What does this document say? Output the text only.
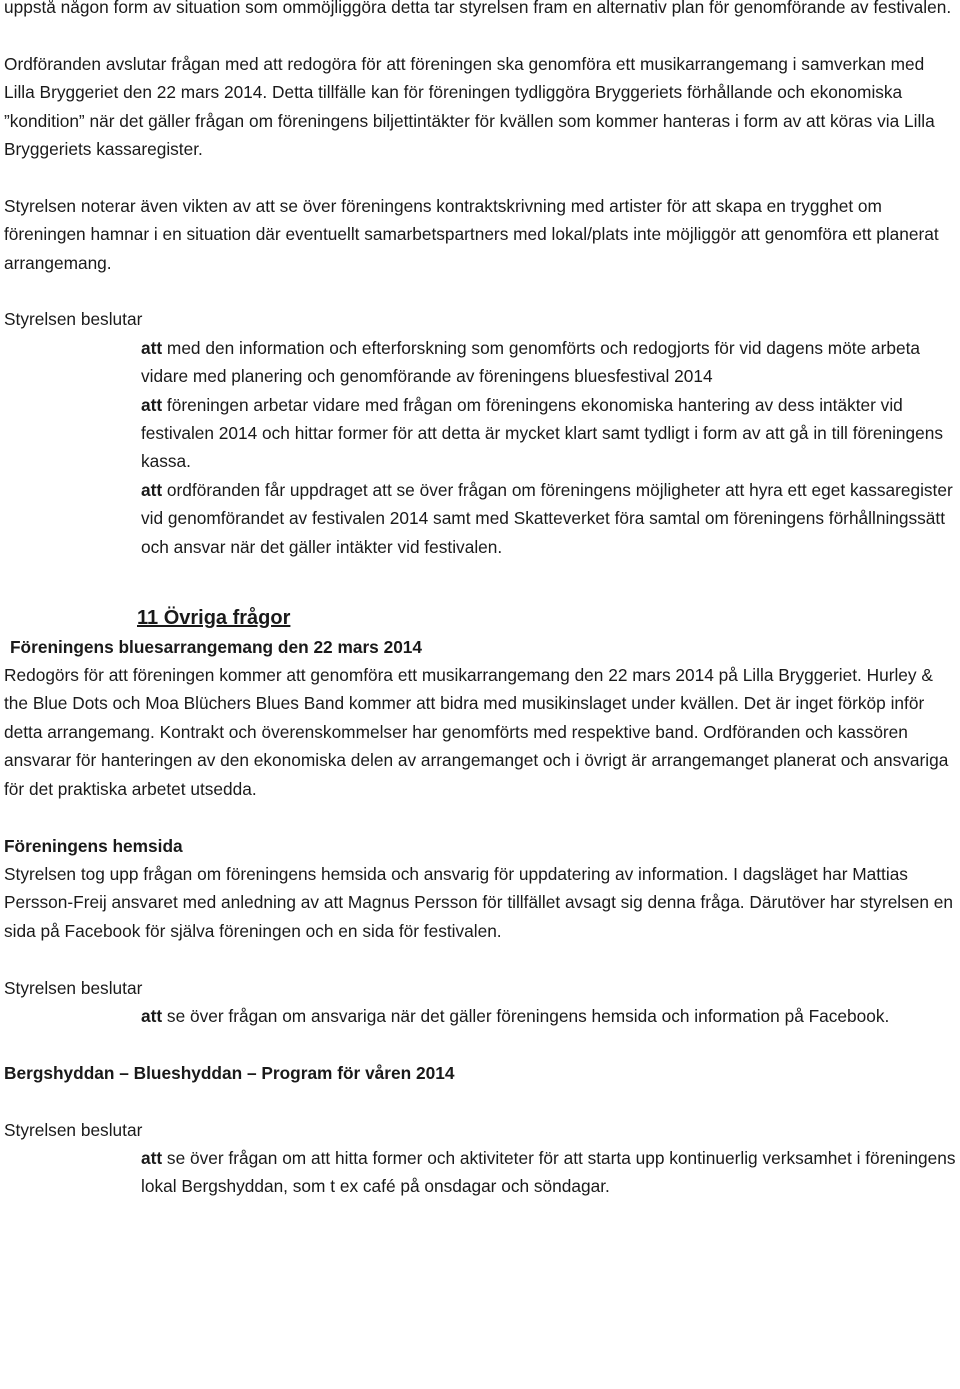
uppstå någon form av situation som ommöjliggöra detta tar styrelsen fram en alternativ plan för genomförande av festivalen.

Ordföranden avslutar frågan med att redogöra för att föreningen ska genomföra ett musikarrangemang i samverkan med Lilla Bryggeriet den 22 mars 2014. Detta tillfälle kan för föreningen tydliggöra Bryggeriets förhållande och ekonomiska ”kondition” när det gäller frågan om föreningens biljettintäkter för kvällen som kommer hanteras i form av att köras via Lilla Bryggeriets kassaregister.

Styrelsen noterar även vikten av att se över föreningens kontraktskrivning med artister för att skapa en trygghet om föreningen hamnar i en situation där eventuellt samarbetspartners med lokal/plats inte möjliggör att genomföra ett planerat arrangemang.

Styrelsen beslutar

att med den information och efterforskning som genomförts och redogjorts för vid dagens möte arbeta vidare med planering och genomförande av föreningens bluesfestival 2014

att föreningen arbetar vidare med frågan om föreningens ekonomiska hantering av dess intäkter vid festivalen 2014 och hittar former för att detta är mycket klart samt tydligt i form av att gå in till föreningens kassa.

att ordföranden får uppdraget att se över frågan om föreningens möjligheter att hyra ett eget kassaregister vid genomförandet av festivalen 2014 samt med Skatteverket föra samtal om föreningens förhållningssätt och ansvar när det gäller intäkter vid festivalen.

11 Övriga frågor

Föreningens bluesarrangemang den 22 mars 2014

Redogörs för att föreningen kommer att genomföra ett musikarrangemang den 22 mars 2014 på Lilla Bryggeriet. Hurley & the Blue Dots och Moa Blüchers Blues Band kommer att bidra med musikinslaget under kvällen. Det är inget förköp inför detta arrangemang. Kontrakt och överenskommelser har genomförts med respektive band. Ordföranden och kassören ansvarar för hanteringen av den ekonomiska delen av arrangemanget och i övrigt är arrangemanget planerat och ansvariga för det praktiska arbetet utsedda.

Föreningens hemsida

Styrelsen tog upp frågan om föreningens hemsida och ansvarig för uppdatering av information. I dagsläget har Mattias Persson-Freij ansvaret med anledning av att Magnus Persson för tillfället avsagt sig denna fråga. Därutöver har styrelsen en sida på Facebook för själva föreningen och en sida för festivalen.

Styrelsen beslutar

att se över frågan om ansvariga när det gäller föreningens hemsida och information på Facebook.

Bergshyddan – Blueshyddan – Program för våren 2014

Styrelsen beslutar

att se över frågan om att hitta former och aktiviteter för att starta upp kontinuerlig verksamhet i föreningens lokal Bergshyddan, som t ex café på onsdagar och söndagar.
